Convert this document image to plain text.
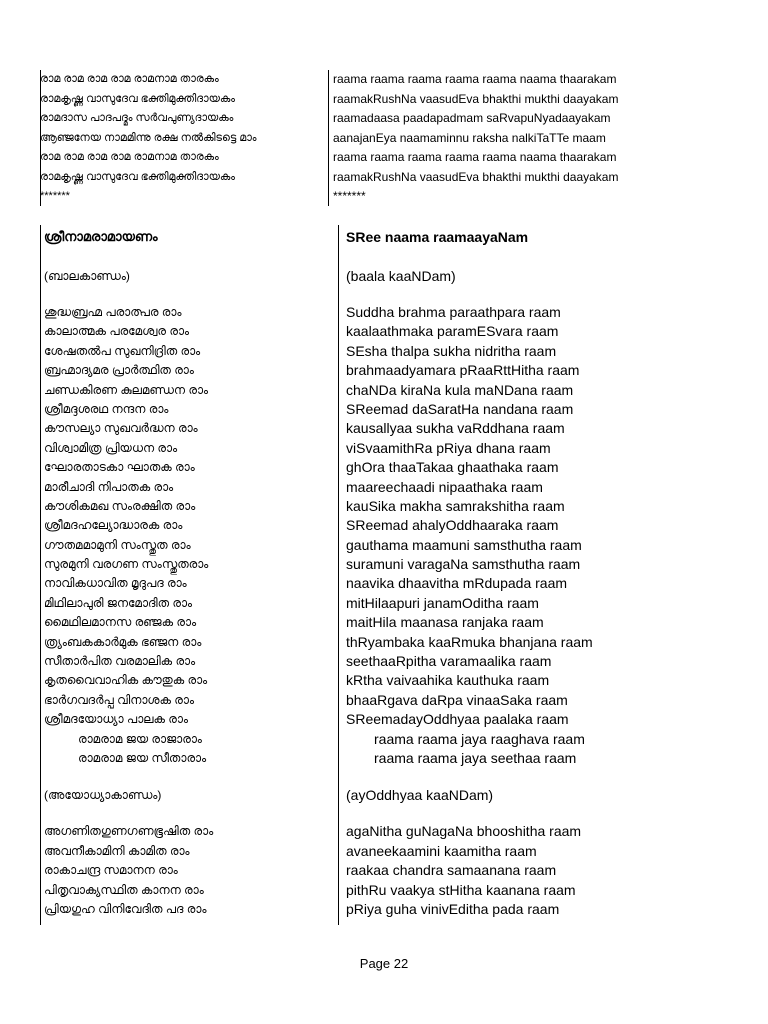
രാമ രാമ രാമ രാമ രാമനാമ താരകം
രാമകൃഷ്ണ വാസുദേവ ഭക്തിമുക്തിദായകം
രാമദാസ പാദപദ്മം സർവപുണ്യദായകം
ആഞ്ജനേയ നാമമിന്നു രക്ഷ നൽകിടട്ടെ മാം
രാമ രാമ രാമ രാമ രാമനാമ താരകം
രാമകൃഷ്ണ വാസുദേവ ഭക്തിമുക്തിദായകം
*******
raama raama raama raama raama naama thaarakam
raamakRushNa vaasudEva bhakthi mukthi daayakam
raamadaasa paadapadmam saRvapuNyadaayakam
aanajanEya naamaminnu raksha nalkiTaTTe maam
raama raama raama raama raama naama thaarakam
raamakRushNa vaasudEva bhakthi mukthi daayakam
*******
ശ്രീനാമരാമായണം
(ബാലകാണ്ഡം)
ശുദ്ധബ്രഹ്മ പരാത്പര രാം
കാലാത്മക പരമേശ്വര രാം
ശേഷതൽപ സുഖനിദ്രിത രാം
ബ്രഹ്മാദ്യമര പ്രാർത്ഥിത രാം
ചണ്ഡകിരണ കുലമണ്ഡന രാം
ശ്രീമദ്ദശരഥ നന്ദന രാം
കൗസല്യാ സുഖവർദ്ധന രാം
വിശ്വാമിത്ര പ്രിയധന രാം
ഘോരതാടകാ ഘാതക രാം
മാരീചാദി നിപാതക രാം
കൗശികമഖ സംരക്ഷിത രാം
ശ്രീമദഹല്യോദ്ധാരക രാം
ഗൗതമമാമുനി സംസ്തുത രാം
സുരമുനി വരഗണ സംസ്തുതരാം
നാവികധാവിത മൃദുപദ രാം
മിഥിലാപുരി ജനമോദിത രാം
മൈഥിലമാനസ രഞ്ജക രാം
ത്ര്യംബകകാർമുക ഭഞ്ജന രാം
സീതാർപിത വരമാലിക രാം
കൃതവൈവാഹിക കൗതുക രാം
ഭാർഗവദർപ്പ വിനാശക രാം
ശ്രീമദയോധ്യാ പാലക രാം
രാമരാമ ജയ രാജാരാം
രാമരാമ ജയ സീതാരാം
(അയോധ്യാകാണ്ഡം)
അഗണിതഗുണഗണഭൂഷിത രാം
അവനീകാമിനി കാമിത രാം
രാകാചന്ദ്ര സമാനന രാം
പിതൃവാക്യസ്ഥിത കാനന രാം
പ്രിയഗുഹ വിനിവേദിത പദ രാം
SRee naama raamaayaNam
(baala kaaNDam)
Suddha brahma paraathpara raam
kaalaathmaka paramESvara raam
SEsha thalpa sukha nidritha raam
brahmaadyamara pRaaRttHitha raam
chaNDa kiraNa kula maNDana raam
SReemad daSaratHa nandana raam
kausallyaa sukha vaRddhana raam
viSvaamithRa pRiya dhana raam
ghOra thaaTakaa ghaathaka raam
maareechaadi nipaathaka raam
kauSika makha samrakshitha raam
SReemad ahalyOddhaaraka raam
gauthama maamuni samsthutha raam
suramuni varagaNa samsthutha raam
naavika dhaavitha mRdupada raam
mitHilaapuri janamOditha raam
maitHila maanasa ranjaka raam
thRyambaka kaaRmuka bhanjana raam
seethaaRpitha varamaalika raam
kRtha vaivaahika kauthuka raam
bhaaRgava daRpa vinaaSaka raam
SReemadayOddhyaa paalaka raam
raama raama jaya raaghava raam
raama raama jaya seethaa raam
(ayOddhyaa kaaNDam)
agaNitha guNagaNa bhooshitha raam
avaneekaamini kaamitha raam
raakaa chandra samaanana raam
pithRu vaakya stHitha kaanana raam
pRiya guha vinivEditha pada raam
Page 22
